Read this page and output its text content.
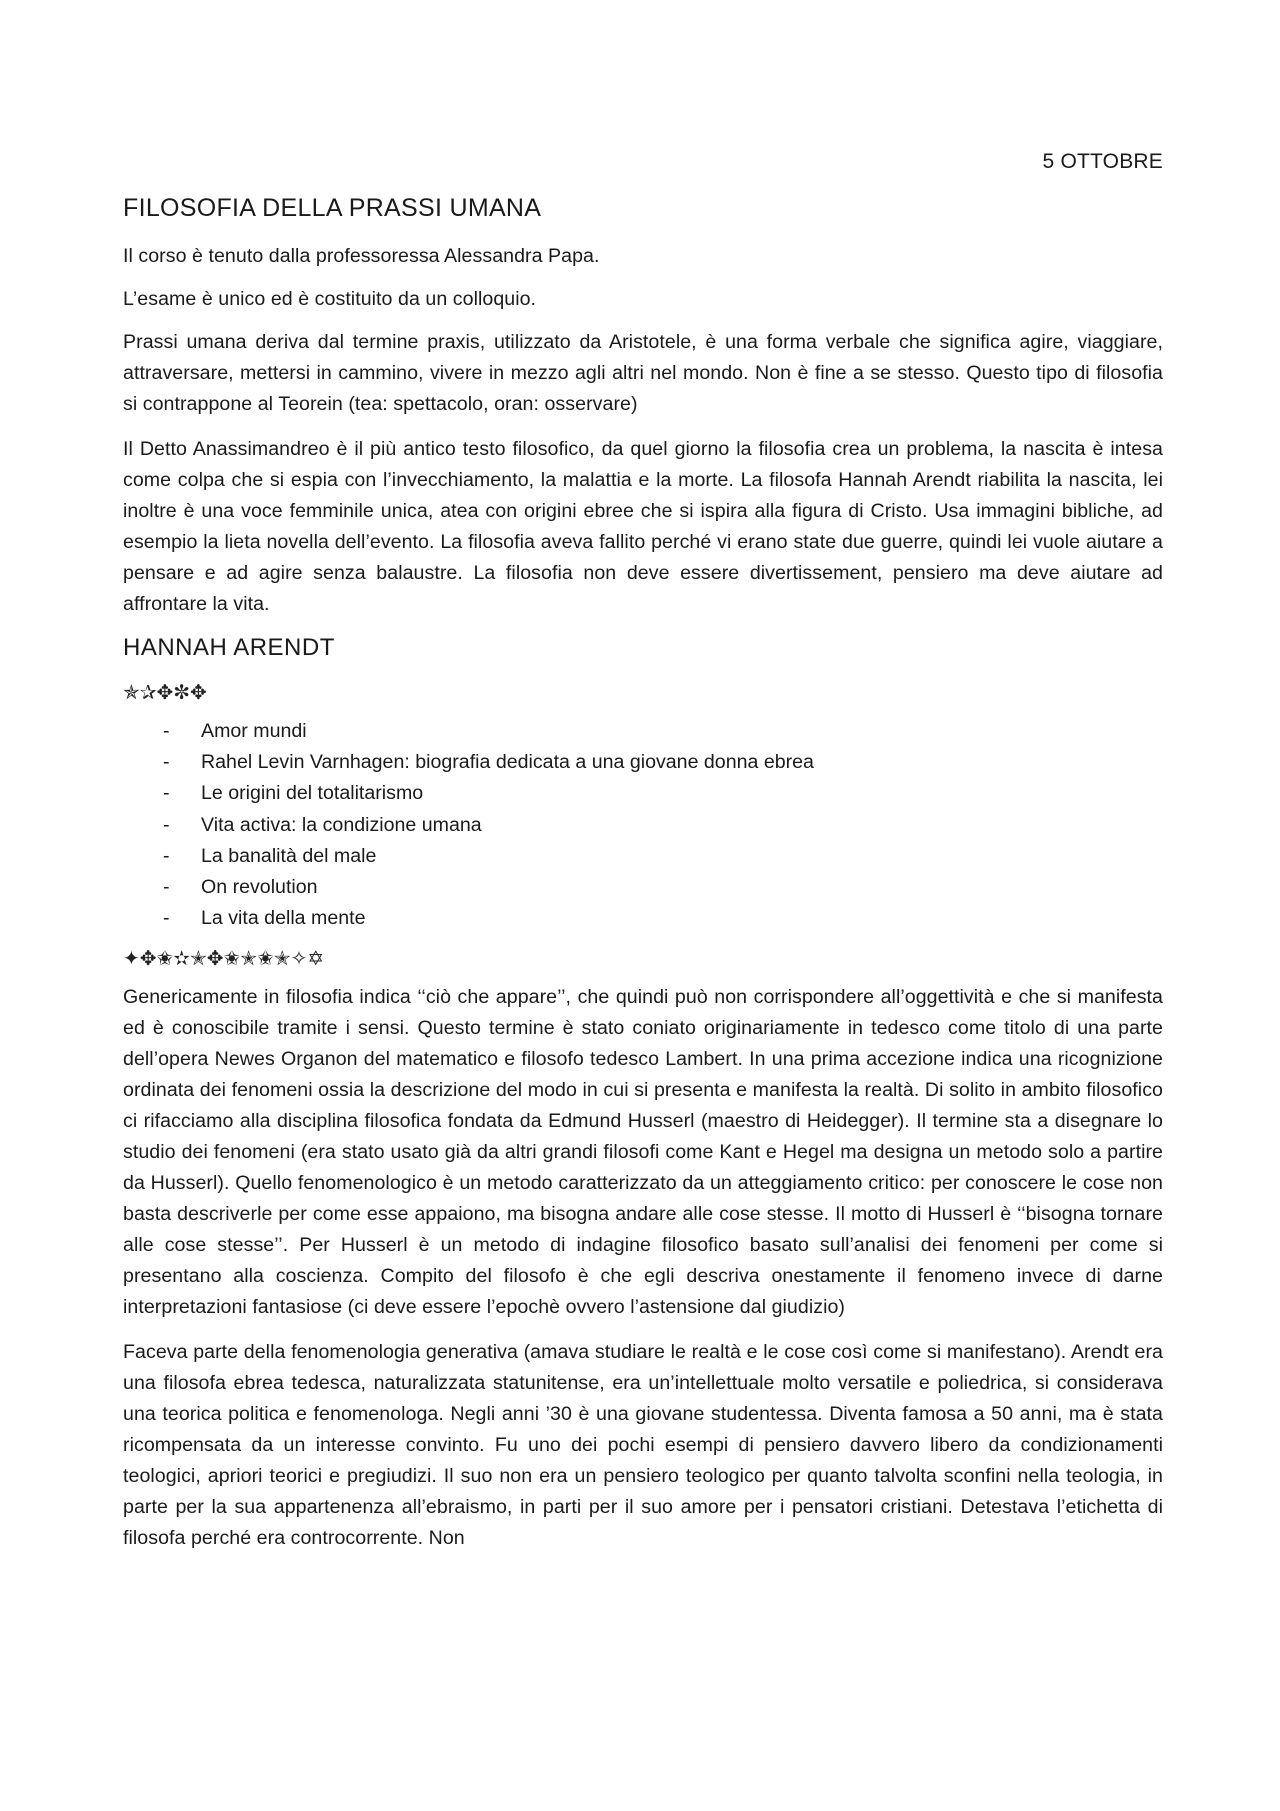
5 OTTOBRE
FILOSOFIA DELLA PRASSI UMANA

Il corso è tenuto dalla professoressa Alessandra Papa.

L’esame è unico ed è costituito da un colloquio.

Prassi umana deriva dal termine praxis, utilizzato da Aristotele, è una forma verbale che significa agire, viaggiare, attraversare, mettersi in cammino, vivere in mezzo agli altri nel mondo. Non è fine a se stesso. Questo tipo di filosofia si contrappone al Teorein (tea: spettacolo, oran: osservare)

Il Detto Anassimandreo è il più antico testo filosofico, da quel giorno la filosofia crea un problema, la nascita è intesa come colpa che si espia con l’invecchiamento, la malattia e la morte. La filosofa Hannah Arendt riabilita la nascita, lei inoltre è una voce femminile unica, atea con origini ebree che si ispira alla figura di Cristo. Usa immagini bibliche, ad esempio la lieta novella dell’evento. La filosofia aveva fallito perché vi erano state due guerre, quindi lei vuole aiutare a pensare e ad agire senza balaustre. La filosofia non deve essere divertissement, pensiero ma deve aiutare ad affrontare la vita.

HANNAH ARENDT
✯✰✥✼✥
- Amor mundi
- Rahel Levin Varnhagen: biografia dedicata a una giovane donna ebrea
- Le origini del totalitarismo
- Vita activa: la condizione umana
- La banalità del male
- On revolution
- La vita della mente
✦✥✬✫✭✥✬✭✬✭✧✡

Genericamente in filosofia indica ‘‘ciò che appare’’, che quindi può non corrispondere all’oggettività e che si manifesta ed è conoscibile tramite i sensi. Questo termine è stato coniato originariamente in tedesco come titolo di una parte dell’opera Newes Organon del matematico e filosofo tedesco Lambert. In una prima accezione indica una ricognizione ordinata dei fenomeni ossia la descrizione del modo in cui si presenta e manifesta la realtà. Di solito in ambito filosofico ci rifacciamo alla disciplina filosofica fondata da Edmund Husserl (maestro di Heidegger). Il termine sta a disegnare lo studio dei fenomeni (era stato usato già da altri grandi filosofi come Kant e Hegel ma designa un metodo solo a partire da Husserl). Quello fenomenologico è un metodo caratterizzato da un atteggiamento critico: per conoscere le cose non basta descriverle per come esse appaiono, ma bisogna andare alle cose stesse. Il motto di Husserl è ‘‘bisogna tornare alle cose stesse’’. Per Husserl è un metodo di indagine filosofico basato sull’analisi dei fenomeni per come si presentano alla coscienza. Compito del filosofo è che egli descriva onestamente il fenomeno invece di darne interpretazioni fantasiose (ci deve essere l’epochè ovvero l’astensione dal giudizio)

Faceva parte della fenomenologia generativa (amava studiare le realtà e le cose così come si manifestano). Arendt era una filosofa ebrea tedesca, naturalizzata statunitense, era un’intellettuale molto versatile e poliedrica, si considerava una teorica politica e fenomenologa. Negli anni ’30 è una giovane studentessa. Diventa famosa a 50 anni, ma è stata ricompensata da un interesse convinto. Fu uno dei pochi esempi di pensiero davvero libero da condizionamenti teologici, apriori teorici e pregiudizi. Il suo non era un pensiero teologico per quanto talvolta sconfini nella teologia, in parte per la sua appartenenza all’ebraismo, in parti per il suo amore per i pensatori cristiani. Detestava l’etichetta di filosofa perché era controcorrente. Non
